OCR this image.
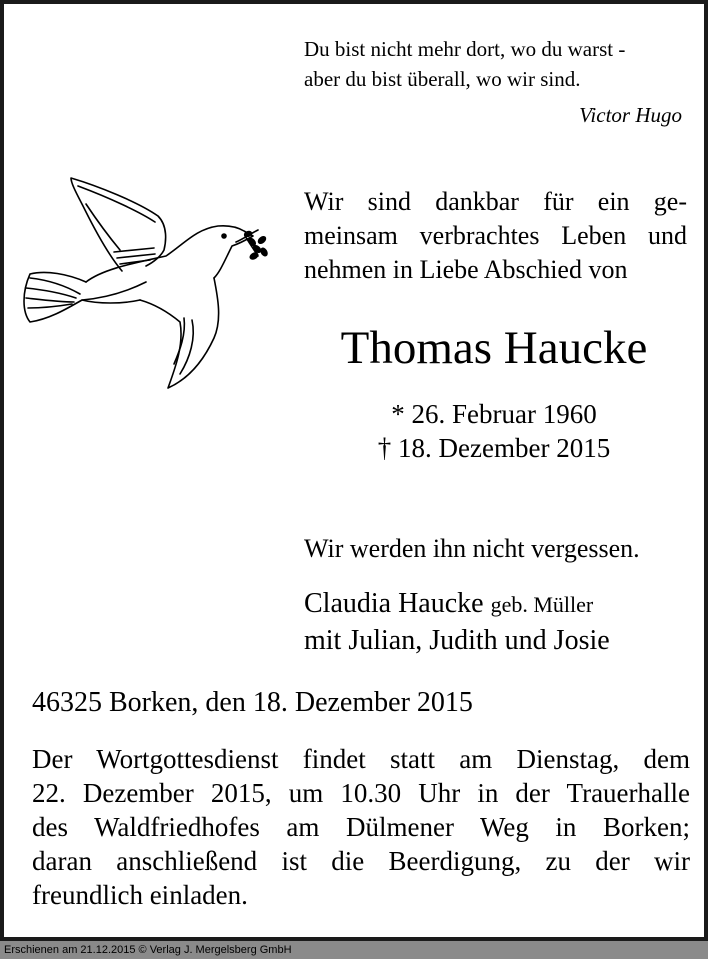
Du bist nicht mehr dort, wo du warst -
aber du bist überall, wo wir sind.
Victor Hugo
Wir sind dankbar für ein ge-
meinsam verbrachtes Leben und
nehmen in Liebe Abschied von
Thomas Haucke
* 26. Februar 1960
† 18. Dezember 2015
Wir werden ihn nicht vergessen.
Claudia Haucke geb. Müller
mit Julian, Judith und Josie
46325 Borken, den 18. Dezember 2015
Der Wortgottesdienst findet statt am Dienstag, dem
22. Dezember 2015, um 10.30 Uhr in der Trauerhalle
des Waldfriedhofes am Dülmener Weg in Borken;
daran anschließend ist die Beerdigung, zu der wir
freundlich einladen.
Erschienen am 21.12.2015 © Verlag J. Mergelsberg GmbH
